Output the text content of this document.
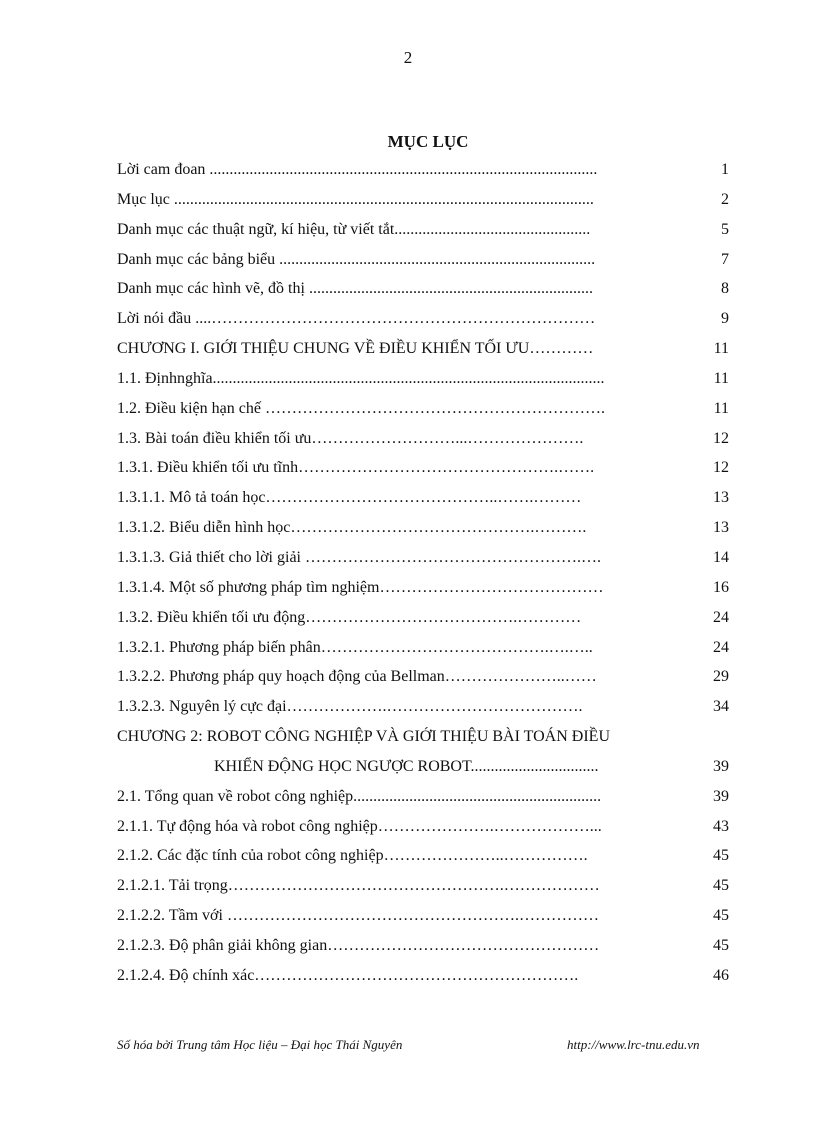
2
MỤC LỤC
Lời cam đoan .................................................................................................	1
Mục lục .........................................................................................................	2
Danh mục các thuật ngữ, kí hiệu, từ viết tắt.................................................	5
Danh mục các bảng biểu ...............................................................................	7
Danh mục các hình vẽ, đồ thị .......................................................................	8
Lời nói đầu ....………………………………………………………………	9
CHƯƠNG I. GIỚI THIỆU CHUNG VỀ ĐIỀU KHIỂN TỐI ƯU…………	11
1.1. Địnhnghĩa..................................................................................................	11
1.2. Điều kiện hạn chế ……………………………………………………….	11
1.3. Bài toán điều khiển tối ưu………………………...………………….	12
1.3.1. Điều khiển tối ưu tĩnh………………………………………….…….	12
1.3.1.1. Mô tả toán học……………………………………..…….………	13
1.3.1.2. Biểu diễn hình học……………………………………….……….	13
1.3.1.3. Giả thiết cho lời giải …………………………………………….….	14
1.3.1.4. Một số phương pháp tìm nghiệm……………………………………	16
1.3.2. Điều khiển tối ưu động………………………………….…………	24
1.3.2.1. Phương pháp biến phân…………………………………….….…..	24
1.3.2.2. Phương pháp quy hoạch động của Bellman…………………..……	29
1.3.2.3. Nguyên lý cực đại……………….……………………………….	34
CHƯƠNG 2: ROBOT CÔNG NGHIỆP VÀ GIỚI THIỆU BÀI TOÁN ĐIỀU
KHIỂN ĐỘNG HỌC NGƯỢC ROBOT................................	39
2.1. Tổng quan về robot công nghiệp..............................................................	39
2.1.1. Tự động hóa và robot công nghiệp………………….………………...	43
2.1.2. Các đặc tính của robot công nghiệp…………………..…………….	45
2.1.2.1. Tải trọng…………………………………………….………………	45
2.1.2.2. Tầm với ……………………………………………….……………	45
2.1.2.3. Độ phân giải không gian……………………………………………	45
2.1.2.4. Độ chính xác…………………………………………………….	46
Số hóa bởi Trung tâm Học liệu – Đại học Thái Nguyên	http://www.lrc-tnu.edu.vn
